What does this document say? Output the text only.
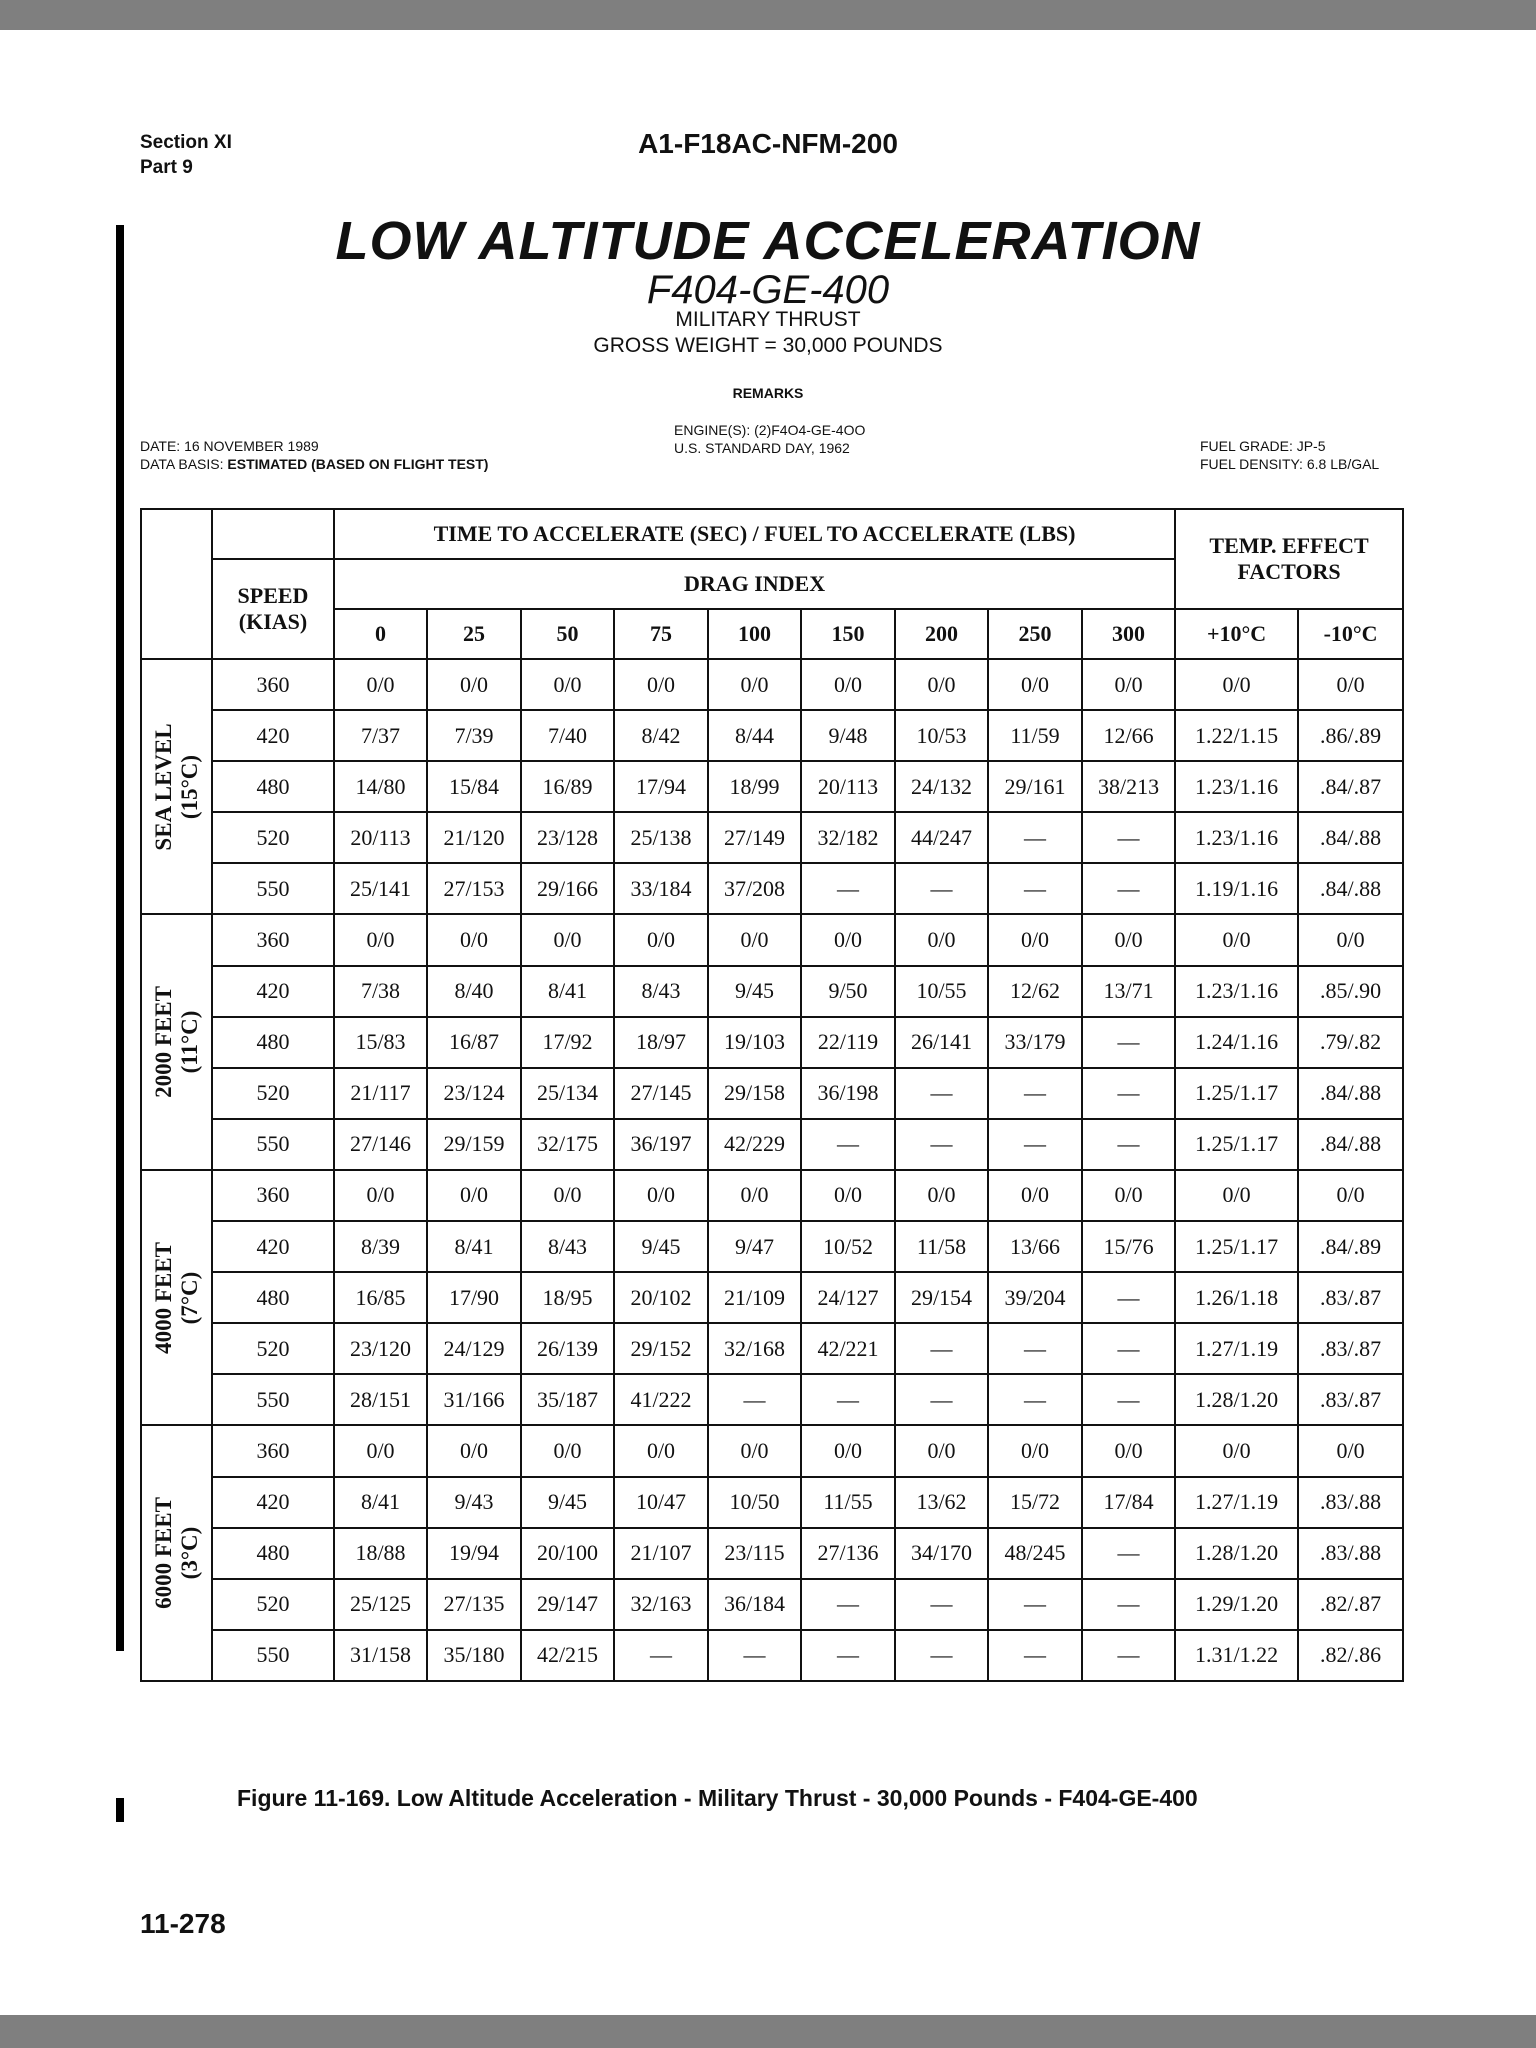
Section XI
Part 9
A1-F18AC-NFM-200
LOW ALTITUDE ACCELERATION
F404-GE-400
MILITARY THRUST
GROSS WEIGHT = 30,000 POUNDS
REMARKS
DATE: 16 NOVEMBER 1989
DATA BASIS: ESTIMATED (BASED ON FLIGHT TEST)
ENGINE(S): (2)F4O4-GE-4OO
U.S. STANDARD DAY, 1962	FUEL GRADE: JP-5
FUEL DENSITY: 6.8 LB/GAL
		TIME TO ACCELERATE (SEC) / FUEL TO ACCELERATE (LBS)									TEMP. EFFECT
FACTORS	

	SPEED
(KIAS)	DRAG INDEX										
		0	25	50	75	100	150	200	250	300	+10°C	-10°C

SEA LEVEL (15°C)	360	0/0	0/0	0/0	0/0	0/0	0/0	0/0	0/0	0/0	0/0	0/0
	420	7/37	7/39	7/40	8/42	8/44	9/48	10/53	11/59	12/66	1.22/1.15	.86/.89
	480	14/80	15/84	16/89	17/94	18/99	20/113	24/132	29/161	38/213	1.23/1.16	.84/.87
	520	20/113	21/120	23/128	25/138	27/149	32/182	44/247	—	—	1.23/1.16	.84/.88
	550	25/141	27/153	29/166	33/184	37/208	—	—	—	—	1.19/1.16	.84/.88

2000 FEET (11°C)	360	0/0	0/0	0/0	0/0	0/0	0/0	0/0	0/0	0/0	0/0	0/0
	420	7/38	8/40	8/41	8/43	9/45	9/50	10/55	12/62	13/71	1.23/1.16	.85/.90
	480	15/83	16/87	17/92	18/97	19/103	22/119	26/141	33/179	—	1.24/1.16	.79/.82
	520	21/117	23/124	25/134	27/145	29/158	36/198	—	—	—	1.25/1.17	.84/.88
	550	27/146	29/159	32/175	36/197	42/229	—	—	—	—	1.25/1.17	.84/.88

4000 FEET (7°C)	360	0/0	0/0	0/0	0/0	0/0	0/0	0/0	0/0	0/0	0/0	0/0
	420	8/39	8/41	8/43	9/45	9/47	10/52	11/58	13/66	15/76	1.25/1.17	.84/.89
	480	16/85	17/90	18/95	20/102	21/109	24/127	29/154	39/204	—	1.26/1.18	.83/.87
	520	23/120	24/129	26/139	29/152	32/168	42/221	—	—	—	1.27/1.19	.83/.87
	550	28/151	31/166	35/187	41/222	—	—	—	—	—	1.28/1.20	.83/.87

6000 FEET (3°C)	360	0/0	0/0	0/0	0/0	0/0	0/0	0/0	0/0	0/0	0/0	0/0
	420	8/41	9/43	9/45	10/47	10/50	11/55	13/62	15/72	17/84	1.27/1.19	.83/.88
	480	18/88	19/94	20/100	21/107	23/115	27/136	34/170	48/245	—	1.28/1.20	.83/.88
	520	25/125	27/135	29/147	32/163	36/184	—	—	—	—	1.29/1.20	.82/.87
	550	31/158	35/180	42/215	—	—	—	—	—	—	1.31/1.22	.82/.86
Figure 11-169. Low Altitude Acceleration - Military Thrust - 30,000 Pounds - F404-GE-400
11-278
